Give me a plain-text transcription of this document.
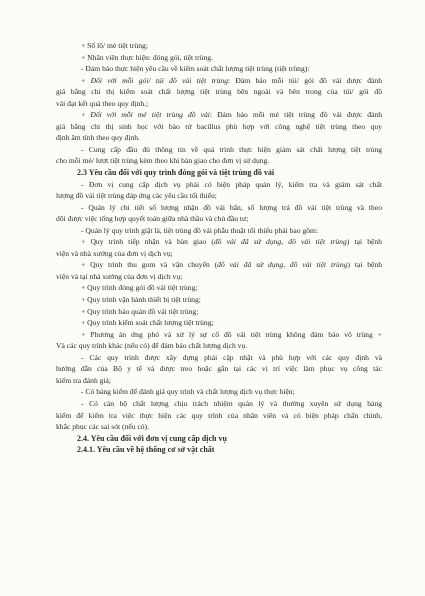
+ Số lô/ mẻ tiệt trùng;
+ Nhân viên thực hiện: đóng gói, tiệt trùng.
- Đảm bảo thực hiện yêu cầu về kiểm soát chất lượng tiệt trùng (tiệt trùng):
+ Đối với mỗi gói/ túi đồ vải tiệt trùng: Đảm bảo mỗi túi/ gói đồ vải được đánh
giá bằng chỉ thị kiểm soát chất lượng tiệt trùng bên ngoài và bên trong của túi/ gói đồ
vải đạt kết quả theo quy định.;
+ Đối với mỗi mẻ tiệt trùng đồ vải: Đảm bảo mỗi mẻ tiệt trùng đồ vải được đánh
giá bằng chỉ thị sinh học với bào tử bacillus phù hợp với công nghệ tiệt trùng theo quy
định âm tính theo quy định.
- Cung cấp đầu đủ thông tin về quá trình thực hiện giám sát chất lượng tiệt trùng
cho mỗi mẻ/ lượt tiệt trùng kèm theo khi bàn giao cho đơn vị sử dụng.
2.3 Yêu cầu đối với quy trình đóng gói và tiệt trùng đồ vải
- Đơn vị cung cấp dịch vụ phải có biện pháp quản lý, kiểm tra và giám sát chất
lượng đồ vải tiệt trùng đáp ứng các yêu cầu tối thiểu;
- Quản lý chi tiết số lượng nhận đồ vải bẩn, số lượng trả đồ vải tiệt trùng và theo
dõi được việc tổng hợp quyết toán giữa nhà thầu và chủ đầu tư;
- Quản lý quy trình giặt là, tiệt trùng đồ vải phẫu thuật tối thiểu phải bao gồm:
+ Quy trình tiếp nhận và bàn giao (đồ vải đã sử dụng, đồ vải tiệt trùng) tại bệnh
viện và nhà xưởng của đơn vị dịch vụ;
+ Quy trình thu gom và vận chuyển (đồ vải đã sử dụng, đồ vải tiệt trùng) tại bệnh
viện và tại nhà xưởng của đơn vị dịch vụ;
+ Quy trình đóng gói đồ vải tiệt trùng;
+ Quy trình vận hành thiết bị tiệt trùng;
+ Quy trình bảo quản đồ vải tiệt trùng;
+ Quy trình kiểm soát chất lượng tiệt trùng;
+ Phương án ứng phó và xử lý sự cố đồ vải tiệt trùng không đảm bảo vô trùng +
Và các quy trình khác (nếu có) để đảm bảo chất lượng dịch vụ.
- Các quy trình được xây dựng phải cập nhật và phù hợp với các quy định và
hướng dẫn của Bộ y tế và được treo hoặc gắn tại các vị trí việc làm phục vụ công tác
kiểm tra đánh giá;
- Có bảng kiểm để đánh giá quy trình và chất lượng dịch vụ thực hiện;
- Có cán bộ chất lượng chịu trách nhiệm quản lý và thường xuyên sử dụng bảng
kiểm để kiểm tra việc thực hiện các quy trình của nhân viên và có biện pháp chấn chỉnh,
khắc phục các sai sót (nếu có).
2.4. Yêu cầu đối với đơn vị cung cấp dịch vụ
2.4.1. Yêu cầu về hệ thống cơ sở vật chất
